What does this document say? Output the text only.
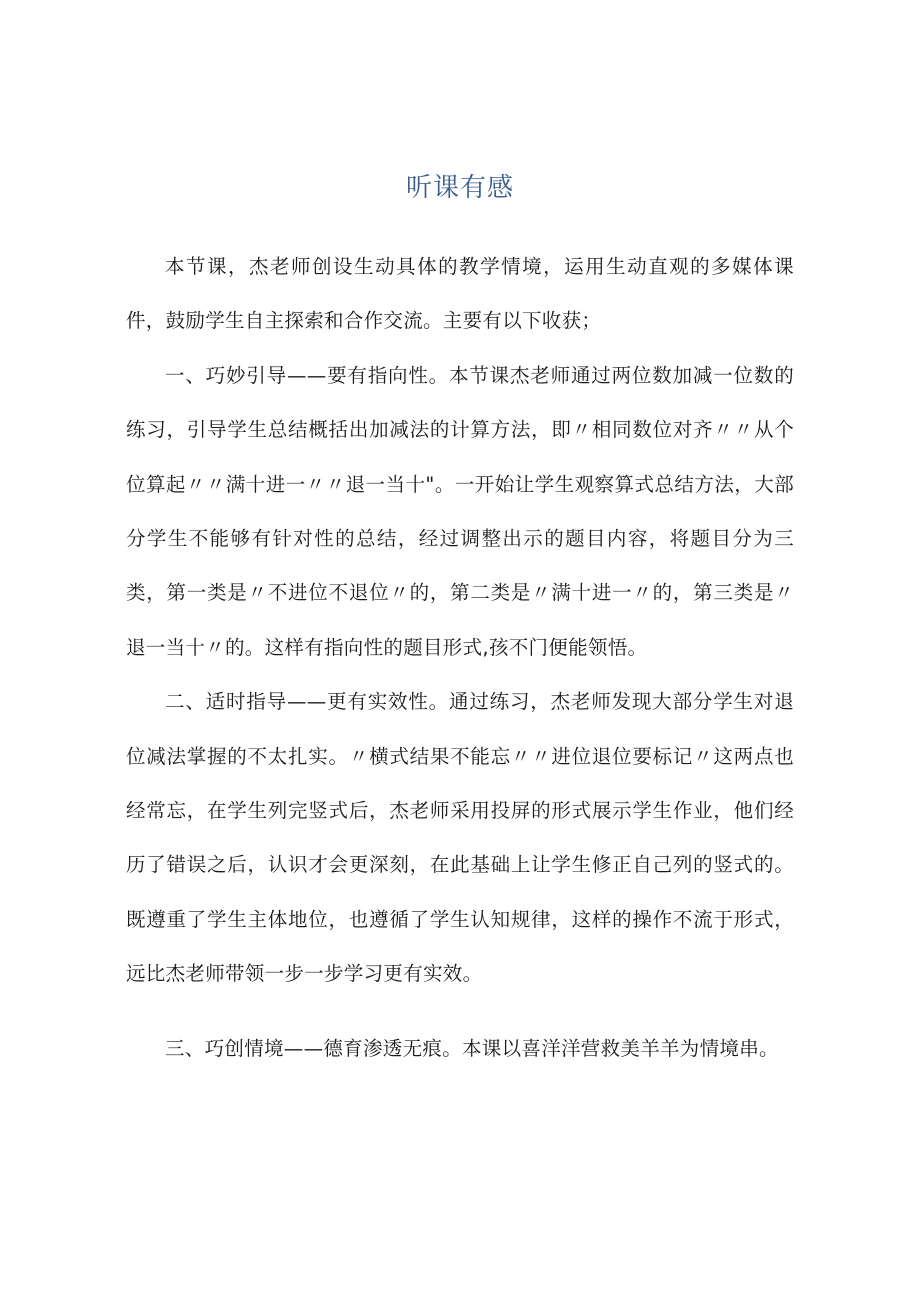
听课有感

本节课，杰老师创设生动具体的教学情境，运用生动直观的多媒体课件，鼓励学生自主探索和合作交流。主要有以下收获；

一、巧妙引导——要有指向性。本节课杰老师通过两位数加减一位数的练习，引导学生总结概括出加减法的计算方法，即〃相同数位对齐〃〃从个位算起〃〃满十进一〃〃退一当十"。一开始让学生观察算式总结方法，大部分学生不能够有针对性的总结，经过调整出示的题目内容，将题目分为三类，第一类是〃不进位不退位〃的，第二类是〃满十进一〃的，第三类是〃退一当十〃的。这样有指向性的题目形式,孩不门便能领悟。

二、适时指导——更有实效性。通过练习，杰老师发现大部分学生对退位减法掌握的不太扎实。〃横式结果不能忘〃〃进位退位要标记〃这两点也经常忘，在学生列完竖式后，杰老师采用投屏的形式展示学生作业，他们经历了错误之后，认识才会更深刻，在此基础上让学生修正自己列的竖式的。既遵重了学生主体地位，也遵循了学生认知规律，这样的操作不流于形式，远比杰老师带领一步一步学习更有实效。

三、巧创情境——德育渗透无痕。本课以喜洋洋营救美羊羊为情境串。
